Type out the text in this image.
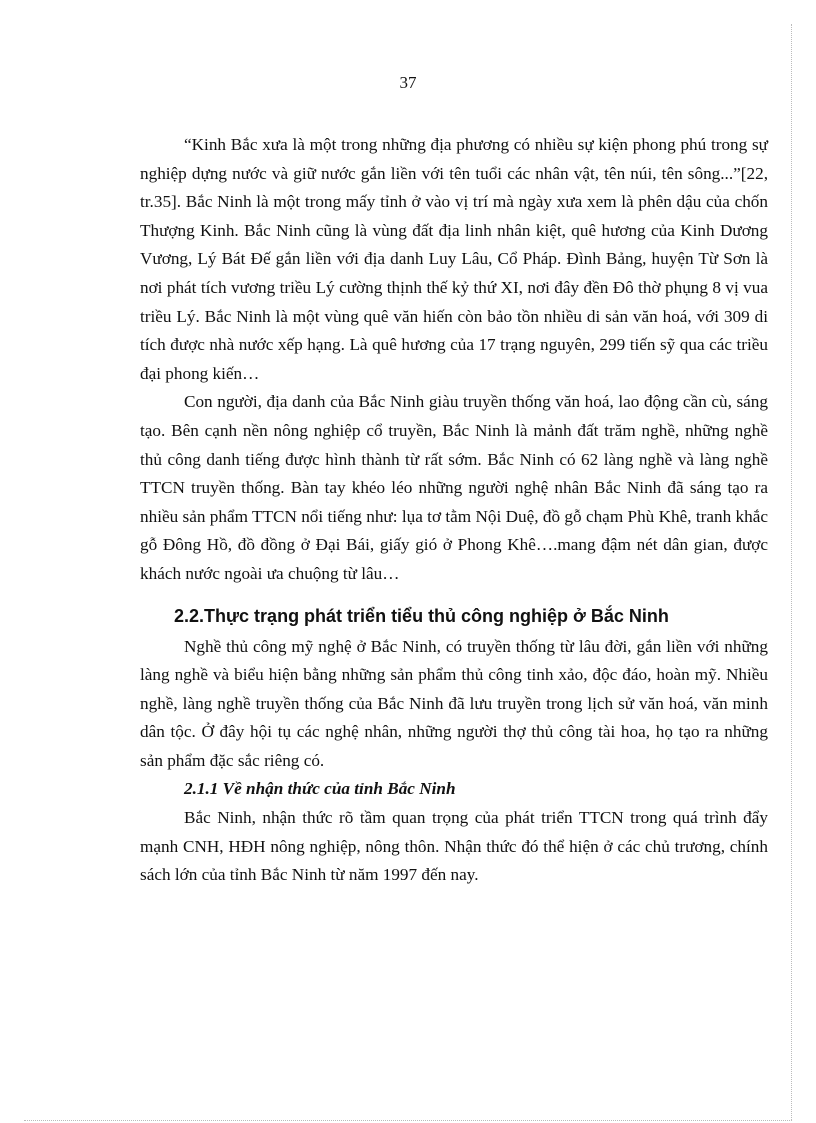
37

“Kinh Bắc xưa là một trong những địa phương có nhiều sự kiện phong phú trong sự nghiệp dựng nước và giữ nước gắn liền với tên tuổi các nhân vật, tên núi, tên sông...”[22, tr.35]. Bắc Ninh là một trong mấy tỉnh ở vào vị trí mà ngày xưa xem là phên dậu của chốn Thượng Kinh. Bắc Ninh cũng là vùng đất địa linh nhân kiệt, quê hương của Kinh Dương Vương, Lý Bát Đế gắn liền với địa danh Luy Lâu, Cổ Pháp. Đình Bảng, huyện Từ Sơn là nơi phát tích vương triều Lý cường thịnh thế kỷ thứ XI, nơi đây đền Đô thờ phụng 8 vị vua triều Lý. Bắc Ninh là một vùng quê văn hiến còn bảo tồn nhiều di sản văn hoá, với 309 di tích được nhà nước xếp hạng. Là quê hương của 17 trạng nguyên, 299 tiến sỹ qua các triều đại phong kiến…

Con người, địa danh của Bắc Ninh giàu truyền thống văn hoá, lao động cần cù, sáng tạo. Bên cạnh nền nông nghiệp cổ truyền, Bắc Ninh là mảnh đất trăm nghề, những nghề thủ công danh tiếng được hình thành từ rất sớm. Bắc Ninh có 62 làng nghề và làng nghề TTCN truyền thống. Bàn tay khéo léo những người nghệ nhân Bắc Ninh đã sáng tạo ra nhiều sản phẩm TTCN nổi tiếng như: lụa tơ tằm Nội Duệ, đồ gỗ chạm Phù Khê, tranh khắc gỗ Đông Hồ, đồ đồng ở Đại Bái, giấy gió ở Phong Khê….mang đậm nét dân gian, được khách nước ngoài ưa chuộng từ lâu…

2.2.Thực trạng phát triển tiểu thủ công nghiệp ở Bắc Ninh

Nghề thủ công mỹ nghệ ở Bắc Ninh, có truyền thống từ lâu đời, gắn liền với những làng nghề và biểu hiện bằng những sản phẩm thủ công tinh xảo, độc đáo, hoàn mỹ. Nhiều nghề, làng nghề truyền thống của Bắc Ninh đã lưu truyền trong lịch sử văn hoá, văn minh dân tộc. Ở đây hội tụ các nghệ nhân, những người thợ thủ công tài hoa, họ tạo ra những sản phẩm đặc sắc riêng có.

2.1.1 Về nhận thức của tỉnh Bắc Ninh

Bắc Ninh, nhận thức rõ tầm quan trọng của phát triển TTCN trong quá trình đẩy mạnh CNH, HĐH nông nghiệp, nông thôn. Nhận thức đó thể hiện ở các chủ trương, chính sách lớn của tỉnh Bắc Ninh từ năm 1997 đến nay.
